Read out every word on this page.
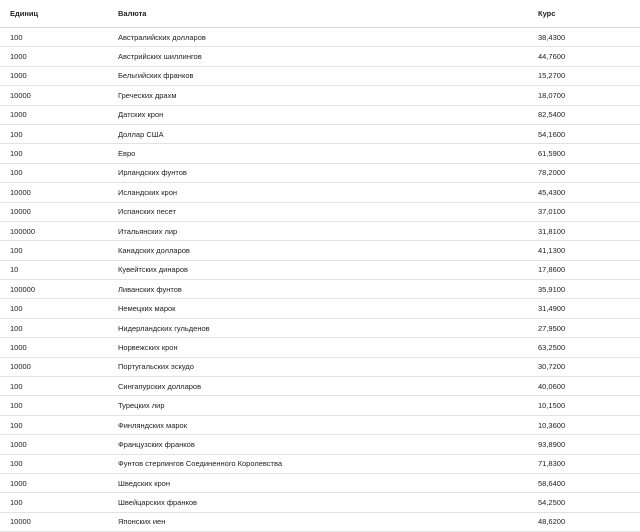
Единиц	Валюта	Курс
100	Австралийских долларов	38,4300
1000	Австрийских шиллингов	44,7600
1000	Бельгийских франков	15,2700
10000	Греческих драхм	18,0700
1000	Датских крон	82,5400
100	Доллар США	54,1600
100	Евро	61,5900
100	Ирландских фунтов	78,2000
10000	Исландских крон	45,4300
10000	Испанских песет	37,0100
100000	Итальянских лир	31,8100
100	Канадских долларов	41,1300
10	Кувейтских динаров	17,8600
100000	Ливанских фунтов	35,9100
100	Немецких марок	31,4900
100	Нидерландских гульденов	27,9500
1000	Норвежских крон	63,2500
10000	Португальских эскудо	30,7200
100	Сингапурских долларов	40,0600
100	Турецких лир	10,1500
100	Финляндских марок	10,3600
1000	Французских франков	93,8900
100	Фунтов стерлингов Соединенного Королевства	71,8300
1000	Шведских крон	58,6400
100	Швейцарских франков	54,2500
10000	Японских иен	48,6200
